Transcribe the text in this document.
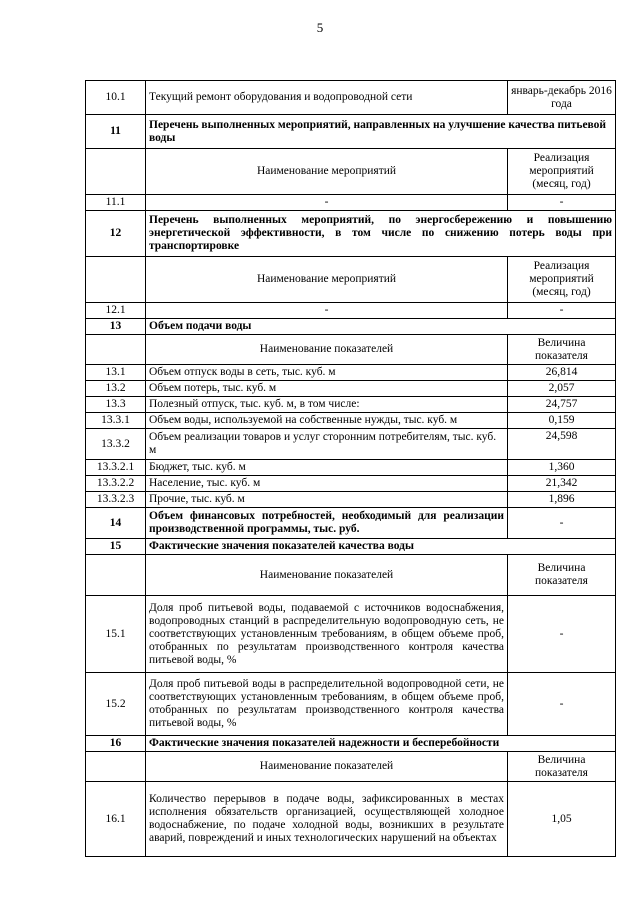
5
10.1	Текущий ремонт оборудования и водопроводной сети	январь-декабрь 2016 года
11	Перечень выполненных мероприятий, направленных на улучшение качества питьевой воды	
	Наименование мероприятий	Реализация мероприятий (месяц, год)
11.1	-	-
12	Перечень выполненных мероприятий, по энергосбережению и повышению энергетической эффективности, в том числе по снижению потерь воды при транспортировке	
	Наименование мероприятий	Реализация мероприятий (месяц, год)
12.1	-	-
13	Объем подачи воды	
	Наименование показателей	Величина показателя
13.1	Объем отпуск воды в сеть, тыс. куб. м	26,814
13.2	Объем потерь, тыс. куб. м	2,057
13.3	Полезный отпуск, тыс. куб. м, в том числе:	24,757
13.3.1	Объем воды, используемой на собственные нужды, тыс. куб. м	0,159
13.3.2	Объем реализации товаров и услуг сторонним потребителям, тыс. куб. м	24,598
13.3.2.1	Бюджет, тыс. куб. м	1,360
13.3.2.2	Население, тыс. куб. м	21,342
13.3.2.3	Прочие, тыс. куб. м	1,896
14	Объем финансовых потребностей, необходимый для реализации производственной программы, тыс. руб.	-
15	Фактические значения показателей качества воды	
	Наименование показателей	Величина показателя
15.1	Доля проб питьевой воды, подаваемой с источников водоснабжения, водопроводных станций в распределительную водопроводную сеть, не соответствующих установленным требованиям, в общем объеме проб, отобранных по результатам производственного контроля качества питьевой воды, %	-
15.2	Доля проб питьевой воды в распределительной водопроводной сети, не соответствующих установленным требованиям, в общем объеме проб, отобранных по результатам производственного контроля качества питьевой воды, %	-
16	Фактические значения показателей надежности и бесперебойности	
	Наименование показателей	Величина показателя
16.1	Количество перерывов в подаче воды, зафиксированных в местах исполнения обязательств организацией, осуществляющей холодное водоснабжение, по подаче холодной воды, возникших в результате аварий, повреждений и иных технологических нарушений на объектах	1,05
